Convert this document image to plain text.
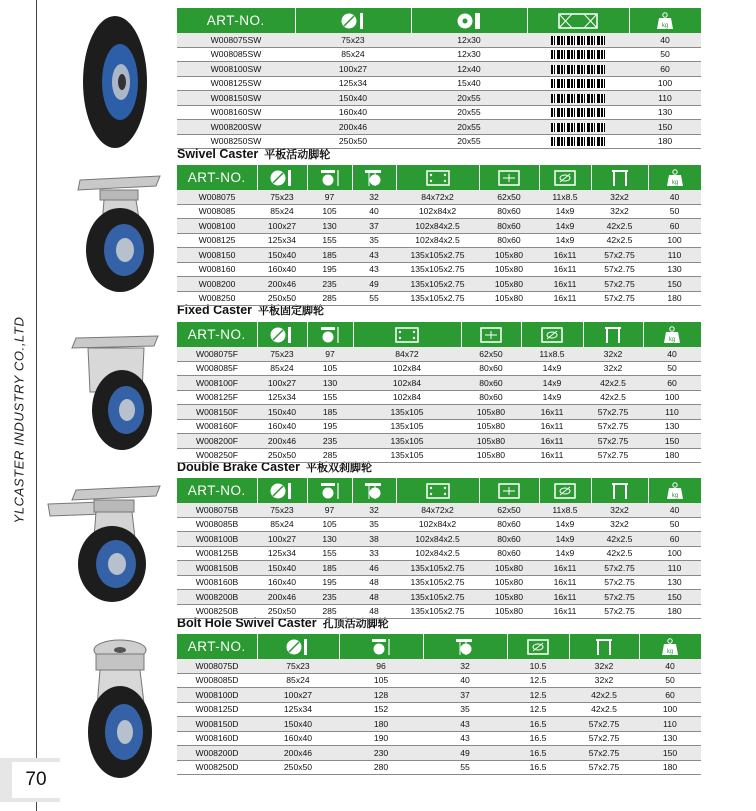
YLCASTER INDUSTRY CO.,LTD
70
ART-NO.				kg

W008075SW	75x23	12x30		40
W008085SW	85x24	12x30		50
W008100SW	100x27	12x40		60
W008125SW	125x34	15x40		100
W008150SW	150x40	20x55		110
W008160SW	160x40	20x55		130
W008200SW	200x46	20x55		150
W008250SW	250x50	20x55		180
Swivel Caster 平板活动脚轮
Fixed Caster 平板固定脚轮
Double Brake Caster 平板双刹脚轮
Bolt Hole Swivel Caster 孔顶活动脚轮
ART-NO.								kg

W008075	75x23	97	32	84x72x2	62x50	11x8.5	32x2	40
W008085	85x24	105	40	102x84x2	80x60	14x9	32x2	50
W008100	100x27	130	37	102x84x2.5	80x60	14x9	42x2.5	60
W008125	125x34	155	35	102x84x2.5	80x60	14x9	42x2.5	100
W008150	150x40	185	43	135x105x2.75	105x80	16x11	57x2.75	110
W008160	160x40	195	43	135x105x2.75	105x80	16x11	57x2.75	130
W008200	200x46	235	49	135x105x2.75	105x80	16x11	57x2.75	150
W008250	250x50	285	55	135x105x2.75	105x80	16x11	57x2.75	180
ART-NO.							kg

W008075F	75x23	97	84x72	62x50	11x8.5	32x2	40
W008085F	85x24	105	102x84	80x60	14x9	32x2	50
W008100F	100x27	130	102x84	80x60	14x9	42x2.5	60
W008125F	125x34	155	102x84	80x60	14x9	42x2.5	100
W008150F	150x40	185	135x105	105x80	16x11	57x2.75	110
W008160F	160x40	195	135x105	105x80	16x11	57x2.75	130
W008200F	200x46	235	135x105	105x80	16x11	57x2.75	150
W008250F	250x50	285	135x105	105x80	16x11	57x2.75	180
ART-NO.								kg

W008075B	75x23	97	32	84x72x2	62x50	11x8.5	32x2	40
W008085B	85x24	105	35	102x84x2	80x60	14x9	32x2	50
W008100B	100x27	130	38	102x84x2.5	80x60	14x9	42x2.5	60
W008125B	125x34	155	33	102x84x2.5	80x60	14x9	42x2.5	100
W008150B	150x40	185	46	135x105x2.75	105x80	16x11	57x2.75	110
W008160B	160x40	195	48	135x105x2.75	105x80	16x11	57x2.75	130
W008200B	200x46	235	48	135x105x2.75	105x80	16x11	57x2.75	150
W008250B	250x50	285	48	135x105x2.75	105x80	16x11	57x2.75	180
ART-NO.						kg

W008075D	75x23	96	32	10.5	32x2	40
W008085D	85x24	105	40	12.5	32x2	50
W008100D	100x27	128	37	12.5	42x2.5	60
W008125D	125x34	152	35	12.5	42x2.5	100
W008150D	150x40	180	43	16.5	57x2.75	110
W008160D	160x40	190	43	16.5	57x2.75	130
W008200D	200x46	230	49	16.5	57x2.75	150
W008250D	250x50	280	55	16.5	57x2.75	180
